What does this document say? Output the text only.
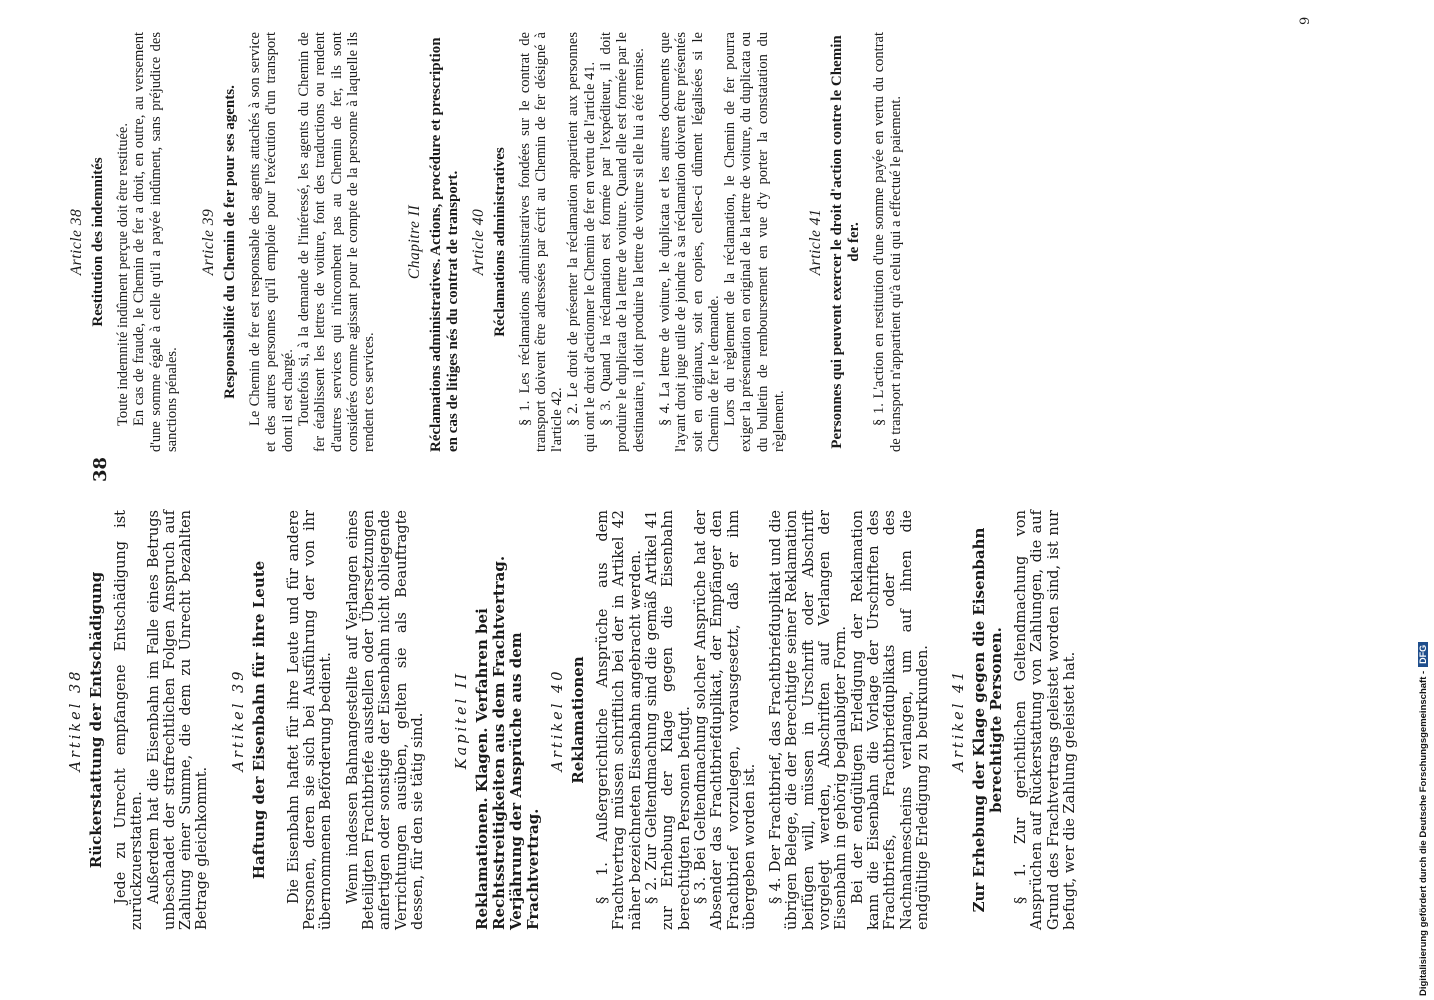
38
Artikel 38 Rückerstattung der Entschädigung Jede zu Unrecht empfangene Entschädigung ist zurückzuerstatten. Außerdem hat die Eisenbahn im Falle eines Betrugs unbeschadet der strafrechtlichen Folgen Anspruch auf Zahlung einer Summe, die dem zu Unrecht bezahlten Betrage gleichkommt.

Artikel 39 Haftung der Eisenbahn für ihre Leute Die Eisenbahn haftet für ihre Leute und für andere Personen, deren sie sich bei Ausführung der von ihr übernommenen Beförderung bedient. Wenn indessen Bahnangestellte auf Verlangen eines Beteiligten Frachtbriefe ausstellen oder Übersetzungen anfertigen oder sonstige der Eisenbahn nicht obliegende Verrichtungen ausüben, gelten sie als Beauftragte dessen, für den sie tätig sind. Kapitel II Reklamationen. Klagen. Verfahren bei Rechtsstreitigkeiten aus dem Frachtvertrag. Verjährung der Ansprüche aus dem Frachtvertrag.
Artikel 40 Reklamationen § 1. Außergerichtliche Ansprüche aus dem Frachtvertrag müssen schriftlich bei der in Artikel 42 näher bezeichneten Eisenbahn angebracht werden. § 2. Zur Geltendmachung sind die gemäß Artikel 41 zur Erhebung der Klage gegen die Eisenbahn berechtigten Personen befugt. § 3. Bei Geltendmachung solcher Ansprüche hat der Absender das Frachtbriefduplikat, der Empfänger den Frachtbrief vorzulegen, vorausgesetzt, daß er ihm übergeben worden ist. § 4. Der Frachtbrief, das Frachtbriefduplikat und die übrigen Belege, die der Berechtigte seiner Reklamation beifügen will, müssen in Urschrift oder Abschrift vorgelegt werden, Abschriften auf Verlangen der Eisenbahn in gehörig beglaubigter Form. Bei der endgültigen Erledigung der Reklamation kann die Eisenbahn die Vorlage der Urschriften des Frachtbriefs, Frachtbriefduplikats oder des Nachnahmescheins verlangen, um auf ihnen die endgültige Erledigung zu beurkunden. Artikel 41 Zur Erhebung der Klage gegen die Eisenbahn berechtigte Personen. § 1. Zur gerichtlichen Geltendmachung von Ansprüchen auf Rückerstattung von Zahlungen, die auf Grund des Frachtvertrags geleistet worden sind, ist nur befugt, wer die Zahlung geleistet hat.

Article 38 Restitution des indemnités Toute indemnité indûment perçue doit être restituée. En cas de fraude, le Chemin de fer a droit, en outre, au versement d'une somme égale à celle qu'il a payée indûment, sans préjudice des sanctions pénales.

Article 39 Responsabilité du Chemin de fer pour ses agents. Le Chemin de fer est responsable des agents attachés à son service et des autres personnes qu'il emploie pour l'exécution d'un transport dont il est chargé. Toutefois si, à la demande de l'intéressé, les agents du Chemin de fer établissent les lettres de voiture, font des traductions ou rendent d'autres services qui n'incombent pas au Chemin de fer, ils sont considérés comme agissant pour le compte de la personne à laquelle ils rendent ces services.

Chapitre II Réclamations administratives. Actions, procédure et prescription en cas de litiges nés du contrat de transport. Article 40 Réclamations administratives § 1. Les réclamations administratives fondées sur le contrat de transport doivent être adressées par écrit au Chemin de fer désigné à l'article 42. § 2. Le droit de présenter la réclamation appartient aux personnes qui ont le droit d'actionner le Chemin de fer en vertu de l'article 41. § 3. Quand la réclamation est formée par l'expéditeur, il doit produire le duplicata de la lettre de voiture. Quand elle est formée par le destinataire, il doit produire la lettre de voiture si elle lui a été remise. § 4. La lettre de voiture, le duplicata et les autres documents que l'ayant droit juge utile de joindre à sa réclamation doivent être présentés soit en originaux, soit en copies, celles-ci dûment légalisées si le Chemin de fer le demande. Lors du règlement de la réclamation, le Chemin de fer pourra exiger la présentation en original de la lettre de voiture, du duplicata ou du bulletin de remboursement en vue d'y porter la constatation du règlement.

Article 41 Personnes qui peuvent exercer le droit d'action contre le Chemin de fer. § 1. L'action en restitution d'une somme payée en vertu du contrat de transport n'appartient qu'à celui qui a effectué le paiement.

9
Digitalisierung gefördert durch die Deutsche Forschungsgemeinschaft -DFG
